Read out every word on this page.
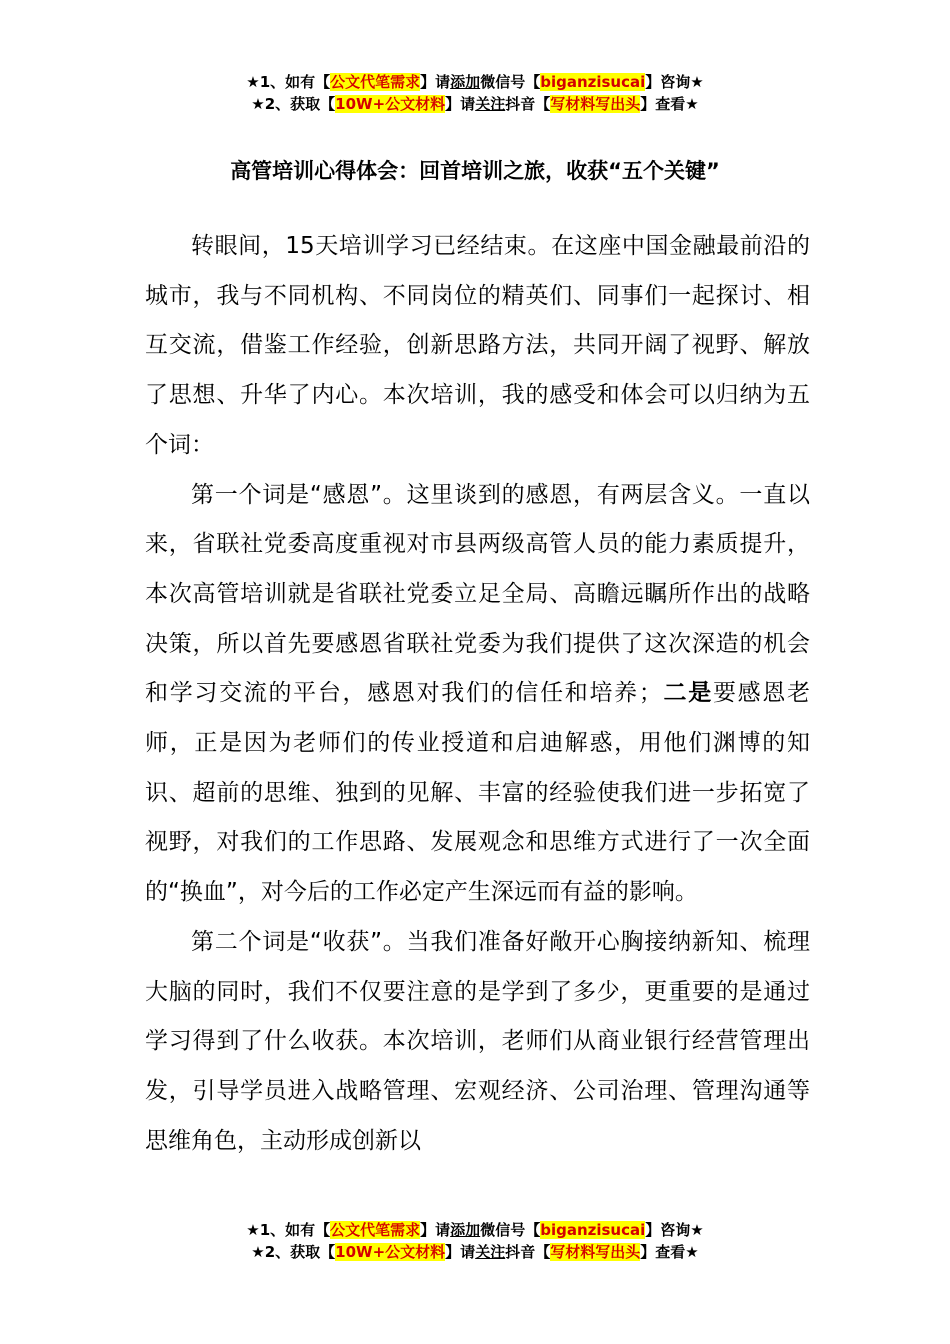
★1、如有【公文代笔需求】请添加微信号【biganzisucai】咨询★
★2、获取【10W+公文材料】请关注抖音【写材料写出头】查看★
高管培训心得体会：回首培训之旅，收获“五个关键”

转眼间，15天培训学习已经结束。在这座中国金融最前沿的城市，我与不同机构、不同岗位的精英们、同事们一起探讨、相互交流，借鉴工作经验，创新思路方法，共同开阔了视野、解放了思想、升华了内心。本次培训，我的感受和体会可以归纳为五个词：

第一个词是“感恩”。这里谈到的感恩，有两层含义。一直以来，省联社党委高度重视对市县两级高管人员的能力素质提升，本次高管培训就是省联社党委立足全局、高瞻远瞩所作出的战略决策，所以首先要感恩省联社党委为我们提供了这次深造的机会和学习交流的平台，感恩对我们的信任和培养；二是要感恩老师，正是因为老师们的传业授道和启迪解惑，用他们渊博的知识、超前的思维、独到的见解、丰富的经验使我们进一步拓宽了视野，对我们的工作思路、发展观念和思维方式进行了一次全面的“换血”，对今后的工作必定产生深远而有益的影响。

第二个词是“收获”。当我们准备好敞开心胸接纳新知、梳理大脑的同时，我们不仅要注意的是学到了多少，更重要的是通过学习得到了什么收获。本次培训，老师们从商业银行经营管理出发，引导学员进入战略管理、宏观经济、公司治理、管理沟通等思维角色，主动形成创新以

★1、如有【公文代笔需求】请添加微信号【biganzisucai】咨询★
★2、获取【10W+公文材料】请关注抖音【写材料写出头】查看★
